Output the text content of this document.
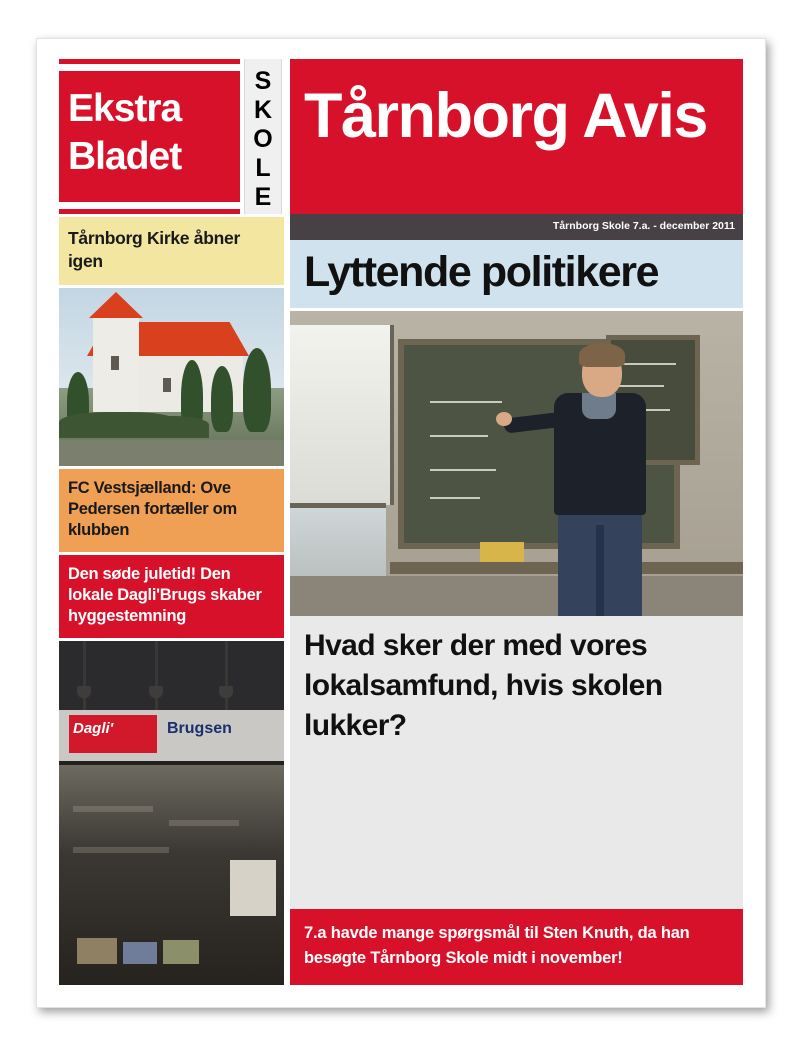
Ekstra
Bladet
S
K
O
L
E
Tårnborg Kirke åbner igen
FC Vestsjælland: Ove Pedersen fortæller om klubben
Den søde juletid! Den lokale Dagli'Brugs skaber hyggestemning
Dagli'	Brugsen
Tårnborg Avis
Tårnborg Skole 7.a. - december 2011
Lyttende politikere
Hvad sker der med vores lokalsamfund, hvis skolen lukker?
7.a havde mange spørgsmål til Sten Knuth, da han besøgte Tårnborg Skole midt i november!
